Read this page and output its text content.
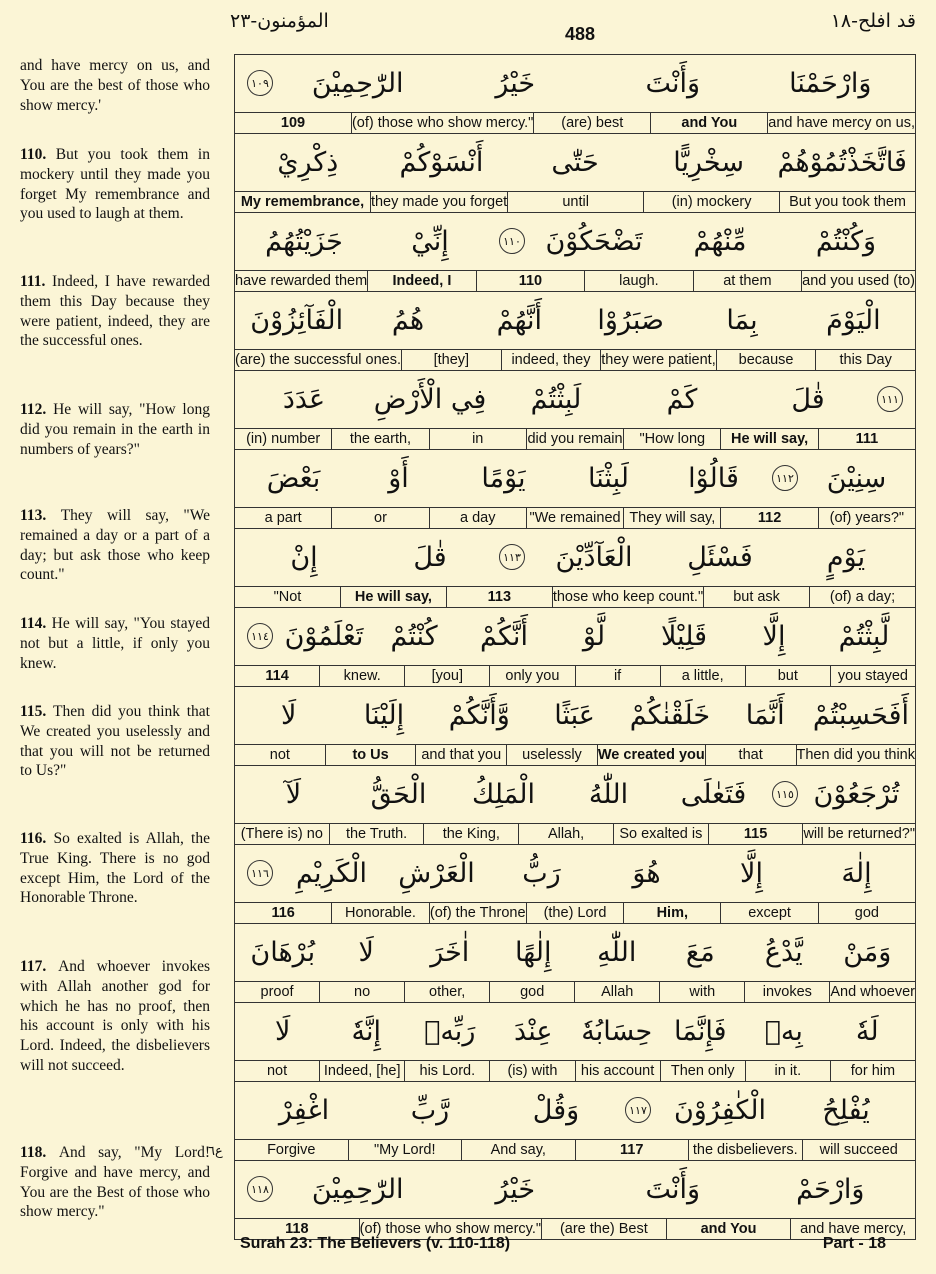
المؤمنون-٢٣
488
قد افلح-١٨
and have mercy on us, and You are the best of those who show mercy.'
110. But you took them in mockery until they made you forget My remembrance and you used to laugh at them.
111. Indeed, I have rewarded them this Day because they were patient, indeed, they are the successful ones.
112. He will say, "How long did you remain in the earth in numbers of years?"
113. They will say, "We remained a day or a part of a day; but ask those who keep count."
114. He will say, "You stayed not but a little, if only you knew.
115. Then did you think that We created you uselessly and that you will not be returned to Us?"
116. So exalted is Allah, the True King. There is no god except Him, the Lord of the Honorable Throne.
117. And whoever invokes with Allah another god for which he has no proof, then his account is only with his Lord. Indeed, the disbelievers will not succeed.
118. And say, "My Lord! Forgive and have mercy, and You are the Best of those who show mercy."
وَارْحَمْنَا
وَأَنْتَ
خَيْرُ
الرّٰحِمِيْنَ
١٠٩
and have mercy on us,
and You
(are) best
(of) those who show mercy."
109
فَاتَّخَذْتُمُوْهُمْ
سِخْرِيًّا
حَتّٰى
أَنْسَوْكُمْ
ذِكْرِيْ
But you took them
(in) mockery
until
they made you forget
My remembrance,
وَكُنْتُمْ
مِّنْهُمْ
تَضْحَكُوْنَ
١١٠
إِنِّيْ
جَزَيْتُهُمُ
and you used (to)
at them
laugh.
110
Indeed, I
have rewarded them
الْيَوْمَ
بِمَا
صَبَرُوْا
أَنَّهُمْ
هُمُ
الْفَآئِزُوْنَ
this Day
because
they were patient,
indeed, they
[they]
(are) the successful ones.
١١١
قٰلَ
كَمْ
لَبِثْتُمْ
فِي الْأَرْضِ
عَدَدَ
111
He will say,
"How long
did you remain
in
the earth,
(in) number
سِنِيْنَ
١١٢
قَالُوْا
لَبِثْنَا
يَوْمًا
أَوْ
بَعْضَ
(of) years?"
112
They will say,
"We remained
a day
or
a part
يَوْمٍ
فَسْئَلِ
الْعَآدِّيْنَ
١١٣
قٰلَ
إِنْ
(of) a day;
but ask
those who keep count."
113
He will say,
"Not
لَّبِثْتُمْ
إِلَّا
قَلِيْلًا
لَّوْ
أَنَّكُمْ
كُنْتُمْ
تَعْلَمُوْنَ
١١٤
you stayed
but
a little,
if
only you
[you]
knew.
114
أَفَحَسِبْتُمْ
أَنَّمَا
خَلَقْنٰكُمْ
عَبَثًا
وَّأَنَّكُمْ
إِلَيْنَا
لَا
Then did you think
that
We created you
uselessly
and that you
to Us
not
تُرْجَعُوْنَ
١١٥
فَتَعٰلَى
اللّٰهُ
الْمَلِكُ
الْحَقُّ
لَآ
will be returned?"
115
So exalted is
Allah,
the King,
the Truth.
(There is) no
إِلٰهَ
إِلَّا
هُوَ
رَبُّ
الْعَرْشِ
الْكَرِيْمِ
١١٦
god
except
Him,
(the) Lord
(of) the Throne
Honorable.
116
وَمَنْ
يَّدْعُ
مَعَ
اللّٰهِ
إِلٰهًا
اٰخَرَ
لَا
بُرْهَانَ
And whoever
invokes
with
Allah
god
other,
no
proof
لَهٗ
بِهٖ
فَإِنَّمَا
حِسَابُهٗ
عِنْدَ
رَبِّهٖ
إِنَّهٗ
لَا
for him
in it.
Then only
his account
(is) with
his Lord.
Indeed, [he]
not
يُفْلِحُ
الْكٰفِرُوْنَ
١١٧
وَقُلْ
رَّبِّ
اغْفِرْ
will succeed
the disbelievers.
117
And say,
"My Lord!
Forgive
وَارْحَمْ
وَأَنْتَ
خَيْرُ
الرّٰحِمِيْنَ
١١٨
and have mercy,
and You
(are the) Best
(of) those who show mercy."
118
ع٦
Surah 23: The Believers (v. 110-118)	Part - 18
